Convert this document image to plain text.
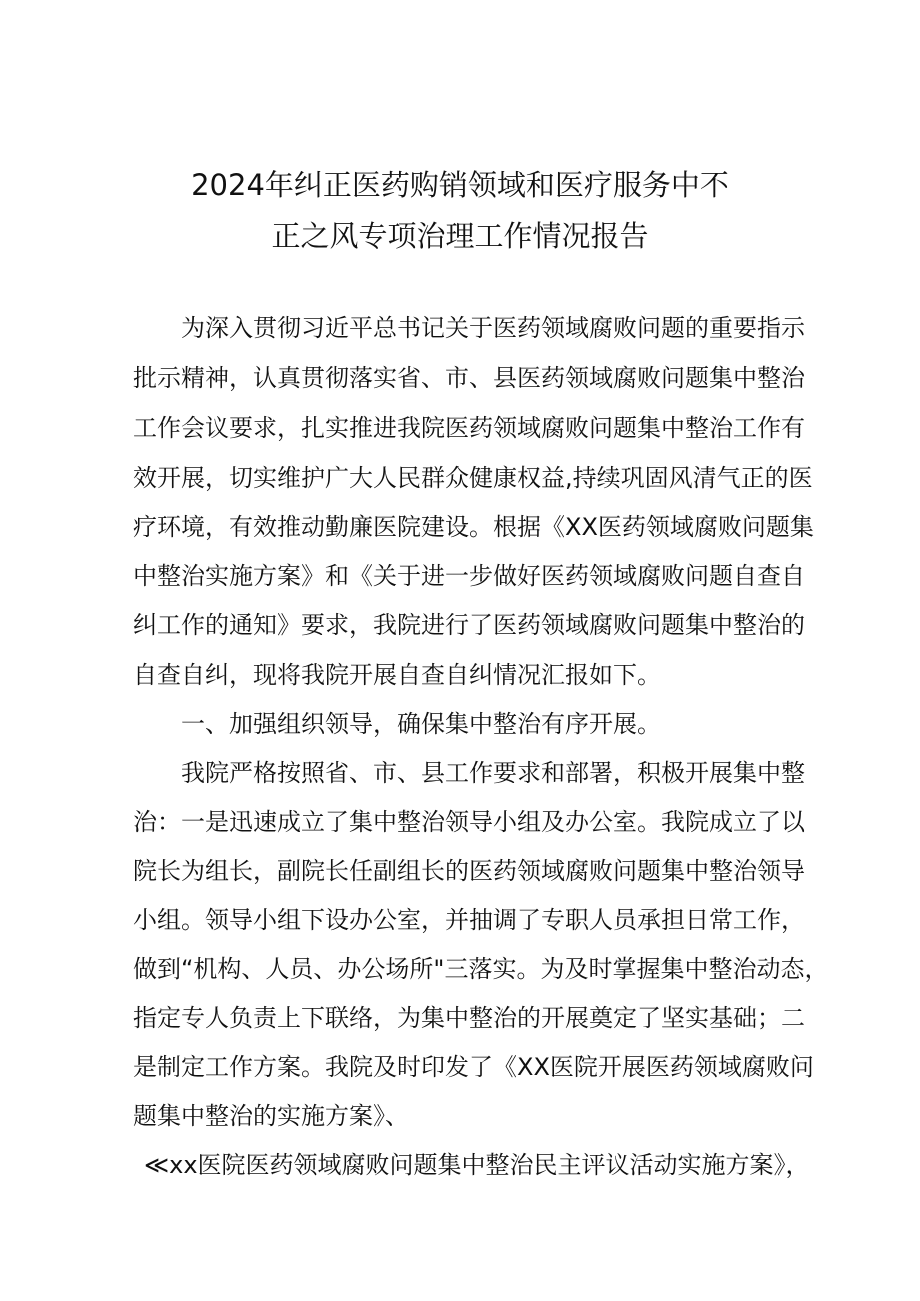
2024年纠正医药购销领域和医疗服务中不
正之风专项治理工作情况报告
为深入贯彻习近平总书记关于医药领域腐败问题的重要指示
批示精神，认真贯彻落实省、市、县医药领域腐败问题集中整治
工作会议要求，扎实推进我院医药领域腐败问题集中整治工作有
效开展，切实维护广大人民群众健康权益,持续巩固风清气正的医
疗环境，有效推动勤廉医院建设。根据《XX医药领域腐败问题集
中整治实施方案》和《关于进一步做好医药领域腐败问题自查自
纠工作的通知》要求，我院进行了医药领域腐败问题集中整治的
自查自纠，现将我院开展自查自纠情况汇报如下。
一、加强组织领导，确保集中整治有序开展。
我院严格按照省、市、县工作要求和部署，积极开展集中整
治：一是迅速成立了集中整治领导小组及办公室。我院成立了以
院长为组长，副院长任副组长的医药领域腐败问题集中整治领导
小组。领导小组下设办公室，并抽调了专职人员承担日常工作，
做到“机构、人员、办公场所"三落实。为及时掌握集中整治动态，
指定专人负责上下联络，为集中整治的开展奠定了坚实基础；二
是制定工作方案。我院及时印发了《XX医院开展医药领域腐败问
题集中整治的实施方案》、
≪xx医院医药领域腐败问题集中整治民主评议活动实施方案》，
